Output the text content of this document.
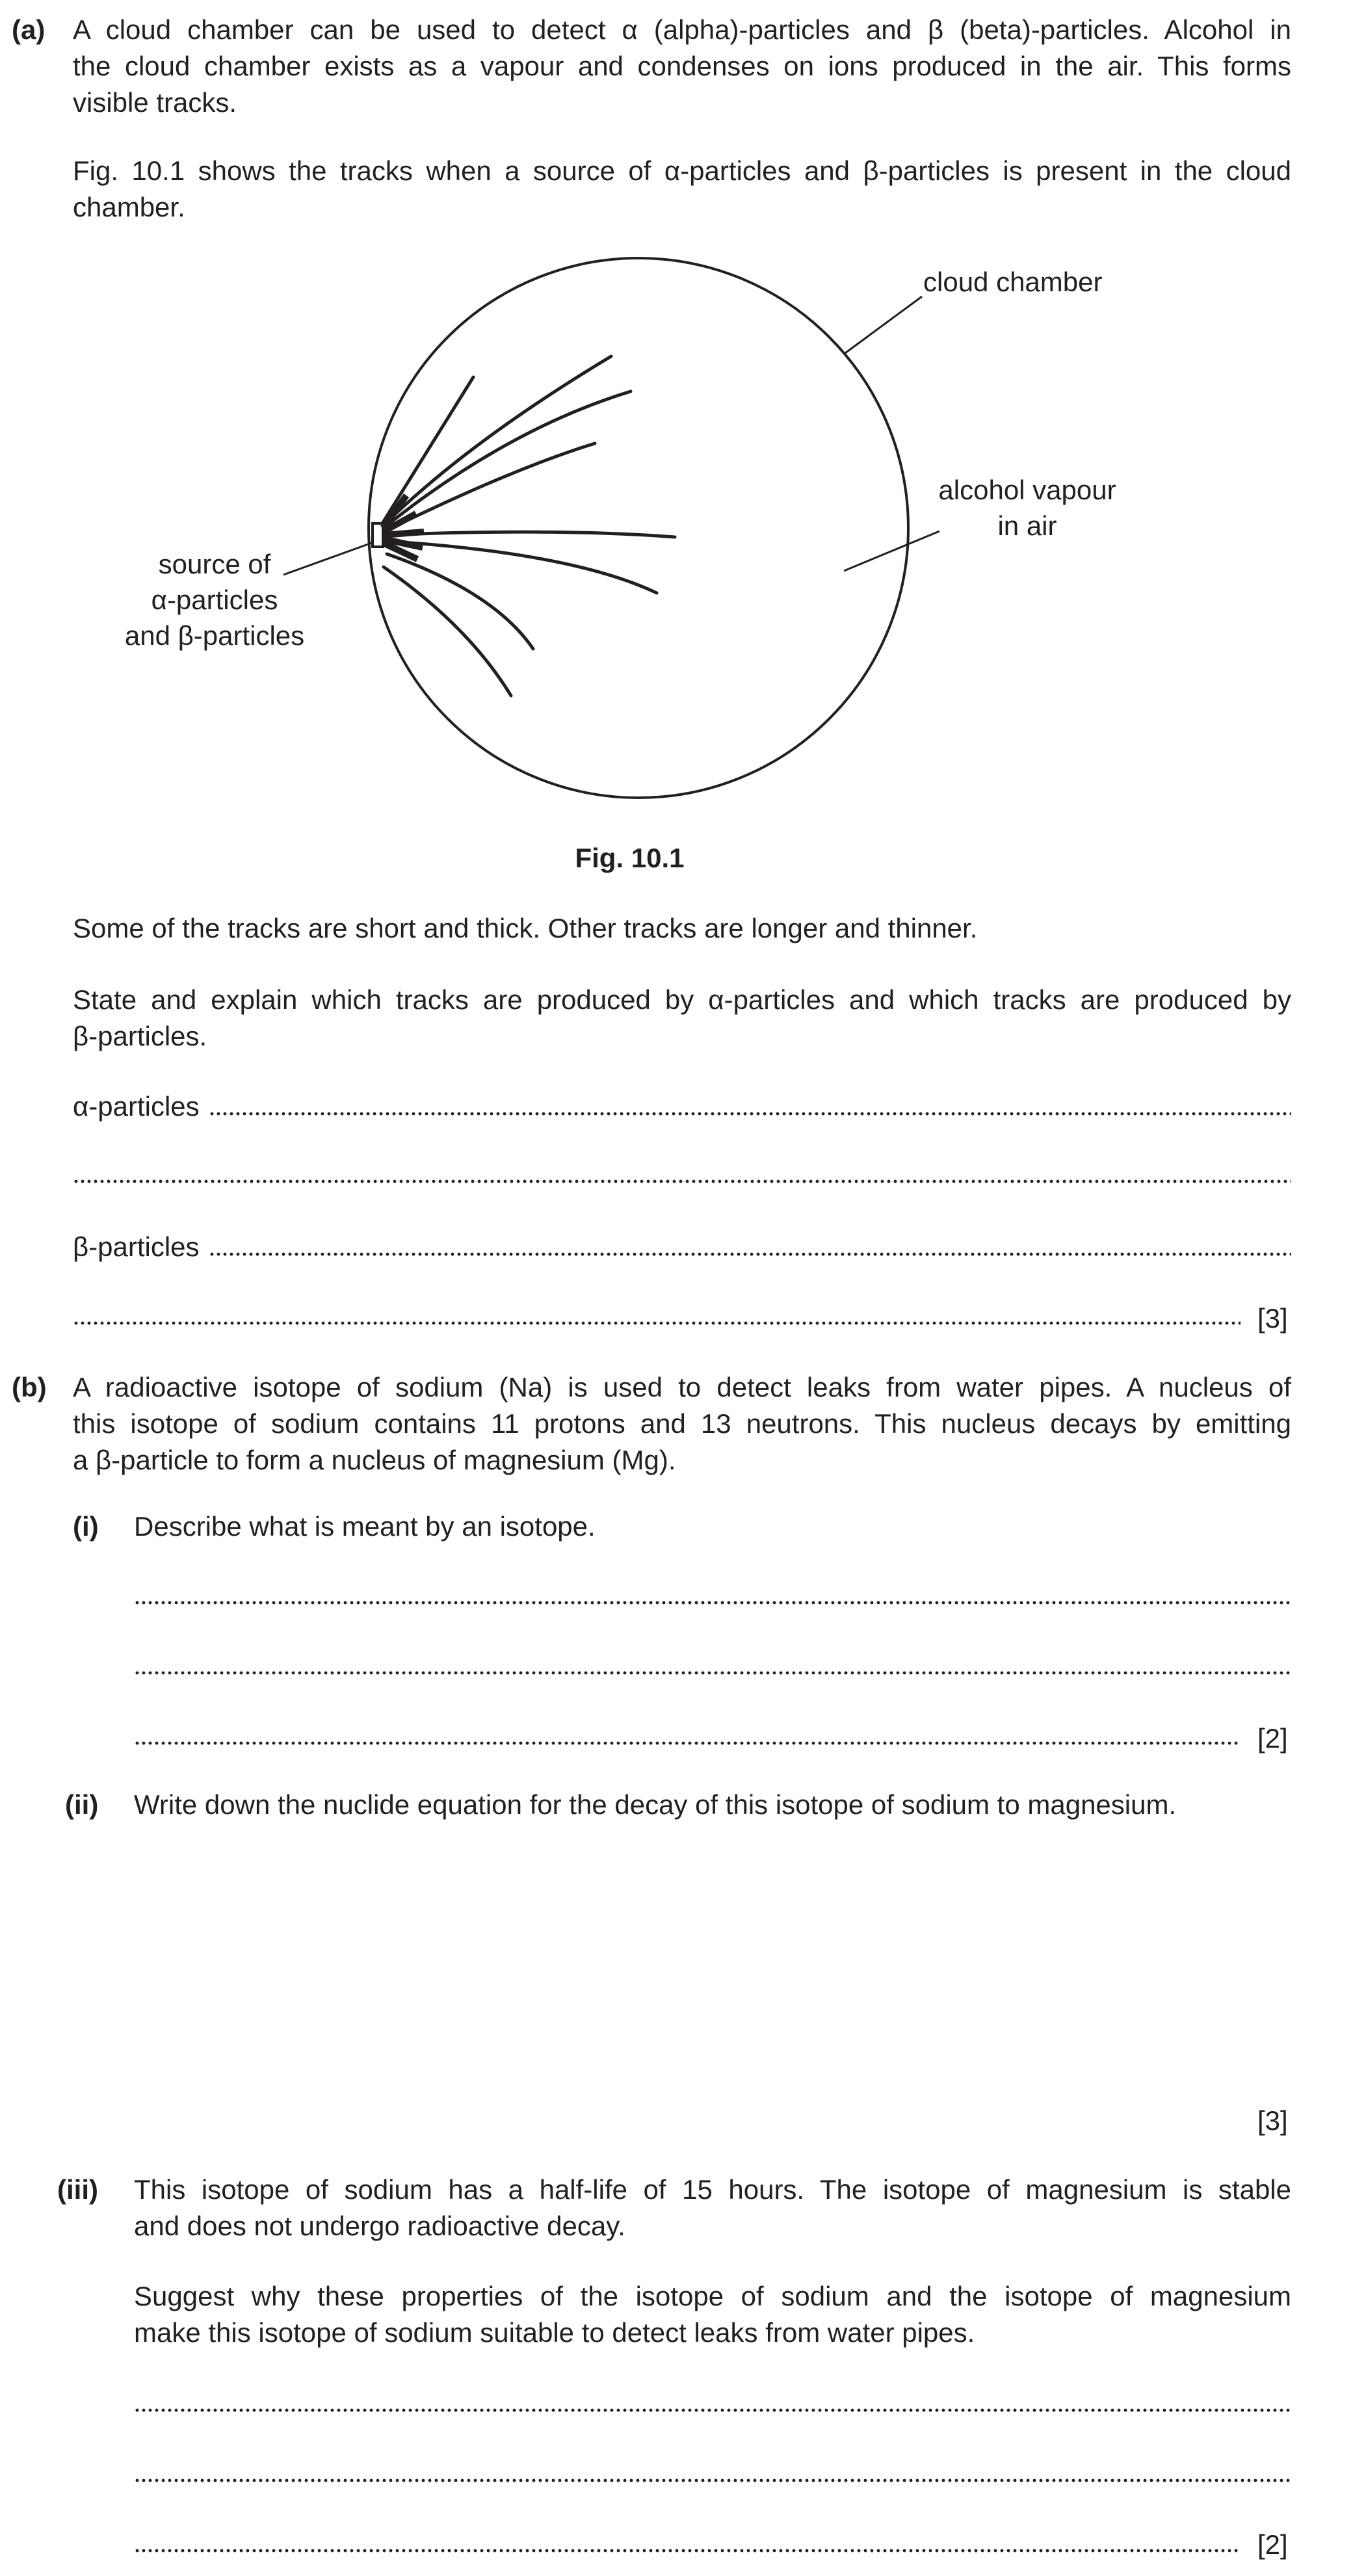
(a) A cloud chamber can be used to detect α (alpha)-particles and β (beta)-particles. Alcohol in
the cloud chamber exists as a vapour and condenses on ions produced in the air. This forms
visible tracks.
Fig. 10.1 shows the tracks when a source of α-particles and β-particles is present in the cloud
chamber.
cloud chamber
alcohol vapour
in air
source of
α-particles
and β-particles
Fig. 10.1
Some of the tracks are short and thick. Other tracks are longer and thinner.
State and explain which tracks are produced by α-particles and which tracks are produced by
β-particles.
α-particles
β-particles
[3]
(b) A radioactive isotope of sodium (Na) is used to detect leaks from water pipes. A nucleus of
this isotope of sodium contains 11 protons and 13 neutrons. This nucleus decays by emitting
a β-particle to form a nucleus of magnesium (Mg).
(i) Describe what is meant by an isotope.
[2]
(ii) Write down the nuclide equation for the decay of this isotope of sodium to magnesium.
[3]
(iii) This isotope of sodium has a half-life of 15 hours. The isotope of magnesium is stable
and does not undergo radioactive decay.
Suggest why these properties of the isotope of sodium and the isotope of magnesium
make this isotope of sodium suitable to detect leaks from water pipes.
[2]
